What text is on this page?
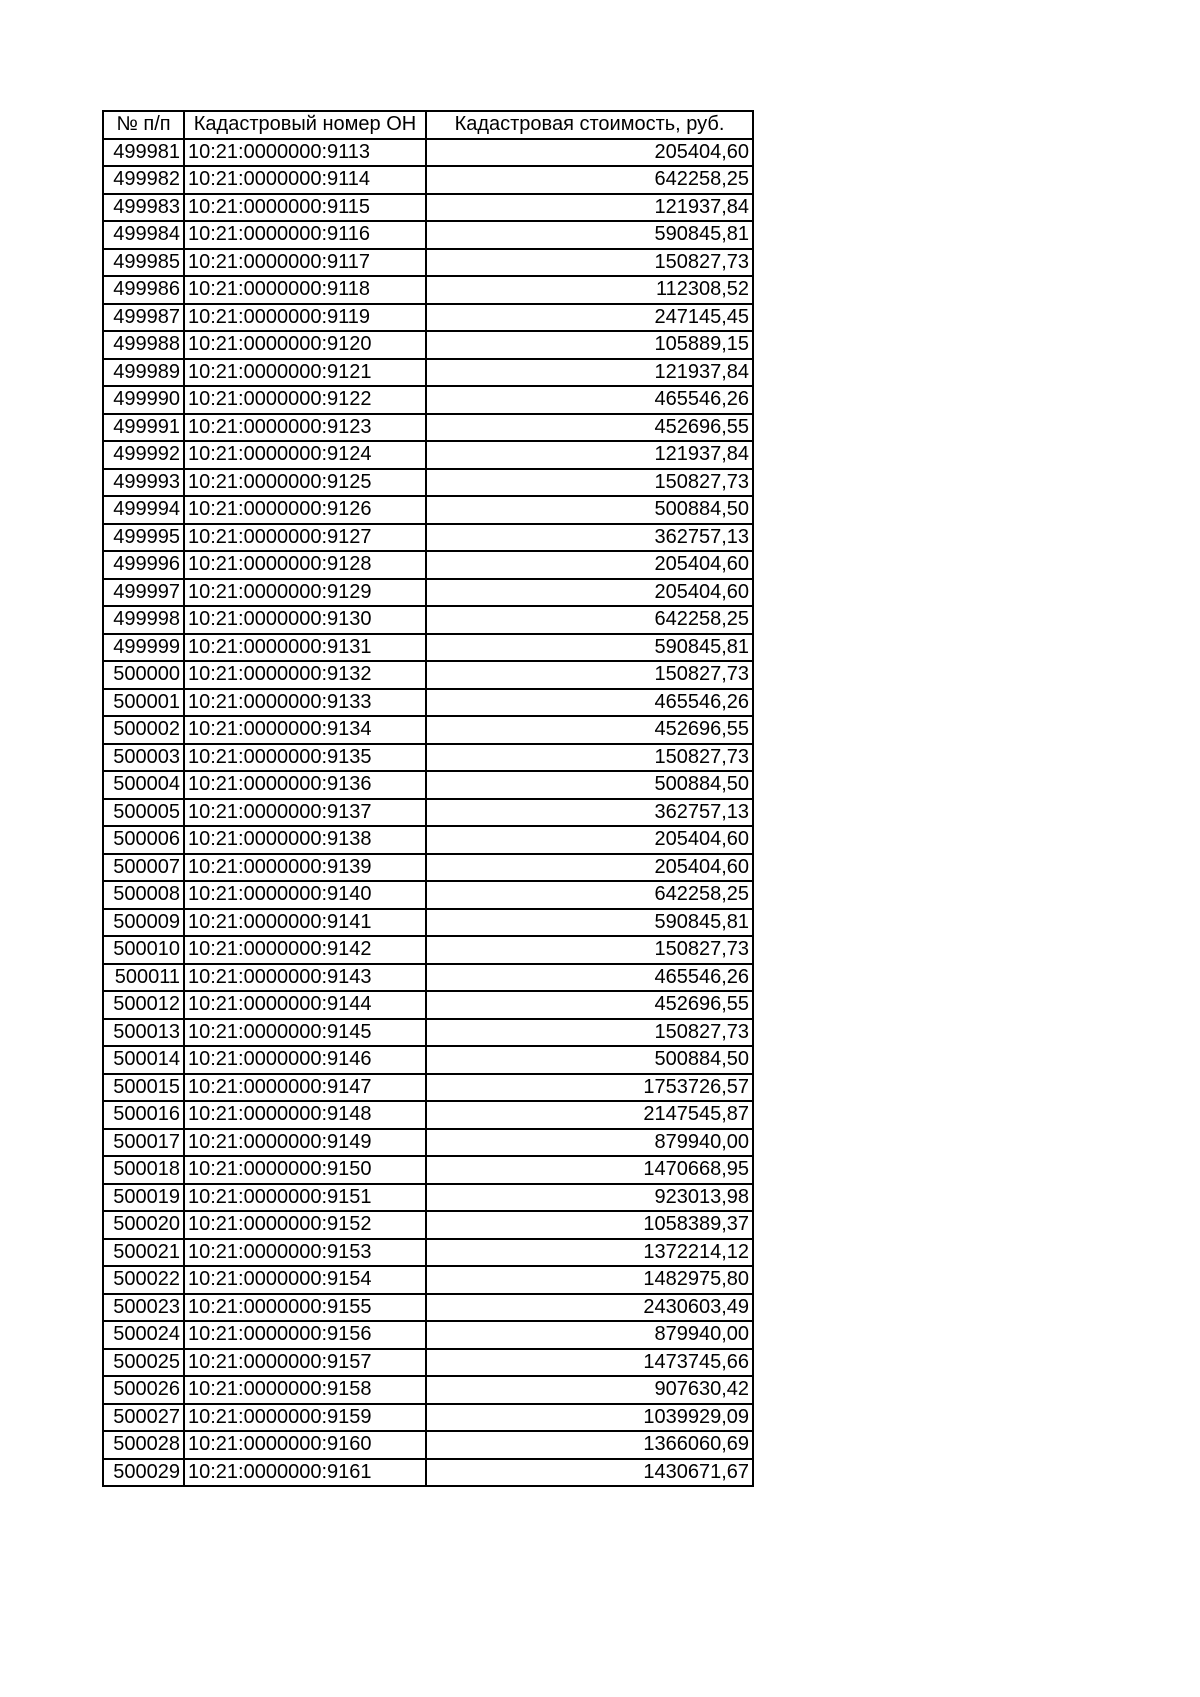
№ п/п	Кадастровый номер ОН	Кадастровая стоимость, руб.
499981	10:21:0000000:9113	205404,60
499982	10:21:0000000:9114	642258,25
499983	10:21:0000000:9115	121937,84
499984	10:21:0000000:9116	590845,81
499985	10:21:0000000:9117	150827,73
499986	10:21:0000000:9118	112308,52
499987	10:21:0000000:9119	247145,45
499988	10:21:0000000:9120	105889,15
499989	10:21:0000000:9121	121937,84
499990	10:21:0000000:9122	465546,26
499991	10:21:0000000:9123	452696,55
499992	10:21:0000000:9124	121937,84
499993	10:21:0000000:9125	150827,73
499994	10:21:0000000:9126	500884,50
499995	10:21:0000000:9127	362757,13
499996	10:21:0000000:9128	205404,60
499997	10:21:0000000:9129	205404,60
499998	10:21:0000000:9130	642258,25
499999	10:21:0000000:9131	590845,81
500000	10:21:0000000:9132	150827,73
500001	10:21:0000000:9133	465546,26
500002	10:21:0000000:9134	452696,55
500003	10:21:0000000:9135	150827,73
500004	10:21:0000000:9136	500884,50
500005	10:21:0000000:9137	362757,13
500006	10:21:0000000:9138	205404,60
500007	10:21:0000000:9139	205404,60
500008	10:21:0000000:9140	642258,25
500009	10:21:0000000:9141	590845,81
500010	10:21:0000000:9142	150827,73
500011	10:21:0000000:9143	465546,26
500012	10:21:0000000:9144	452696,55
500013	10:21:0000000:9145	150827,73
500014	10:21:0000000:9146	500884,50
500015	10:21:0000000:9147	1753726,57
500016	10:21:0000000:9148	2147545,87
500017	10:21:0000000:9149	879940,00
500018	10:21:0000000:9150	1470668,95
500019	10:21:0000000:9151	923013,98
500020	10:21:0000000:9152	1058389,37
500021	10:21:0000000:9153	1372214,12
500022	10:21:0000000:9154	1482975,80
500023	10:21:0000000:9155	2430603,49
500024	10:21:0000000:9156	879940,00
500025	10:21:0000000:9157	1473745,66
500026	10:21:0000000:9158	907630,42
500027	10:21:0000000:9159	1039929,09
500028	10:21:0000000:9160	1366060,69
500029	10:21:0000000:9161	1430671,67
